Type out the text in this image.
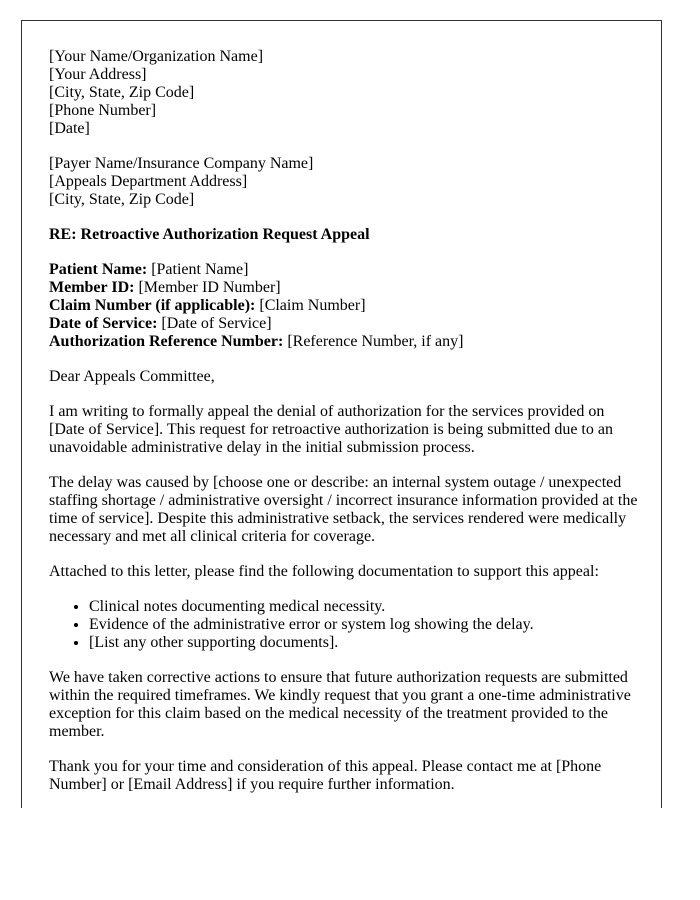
[Your Name/Organization Name]
[Your Address]
[City, State, Zip Code]
[Phone Number]
[Date]
[Payer Name/Insurance Company Name]
[Appeals Department Address]
[City, State, Zip Code]
RE: Retroactive Authorization Request Appeal
Patient Name: [Patient Name]
Member ID: [Member ID Number]
Claim Number (if applicable): [Claim Number]
Date of Service: [Date of Service]
Authorization Reference Number: [Reference Number, if any]
Dear Appeals Committee,
I am writing to formally appeal the denial of authorization for the services provided on [Date of Service]. This request for retroactive authorization is being submitted due to an unavoidable administrative delay in the initial submission process.
The delay was caused by [choose one or describe: an internal system outage / unexpected staffing shortage / administrative oversight / incorrect insurance information provided at the time of service]. Despite this administrative setback, the services rendered were medically necessary and met all clinical criteria for coverage.
Attached to this letter, please find the following documentation to support this appeal:
• Clinical notes documenting medical necessity.
• Evidence of the administrative error or system log showing the delay.
• [List any other supporting documents].
We have taken corrective actions to ensure that future authorization requests are submitted within the required timeframes. We kindly request that you grant a one-time administrative exception for this claim based on the medical necessity of the treatment provided to the member.
Thank you for your time and consideration of this appeal. Please contact me at [Phone Number] or [Email Address] if you require further information.
